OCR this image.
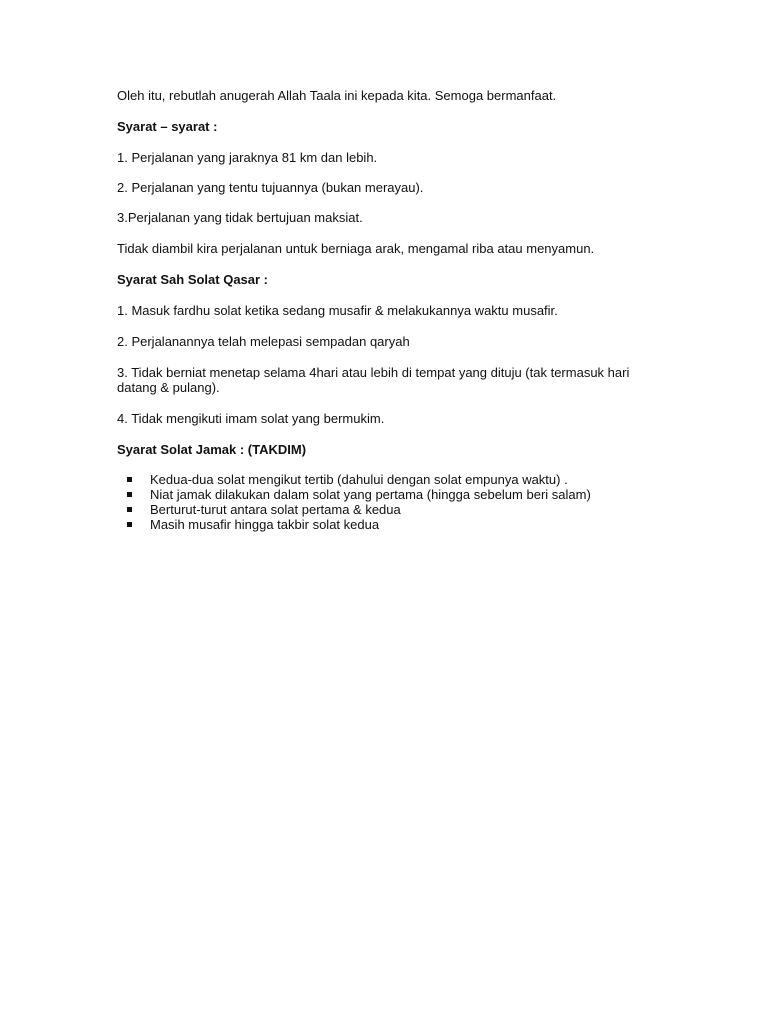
Oleh itu, rebutlah anugerah Allah Taala ini kepada kita. Semoga bermanfaat.
Syarat – syarat :
1. Perjalanan yang jaraknya 81 km dan lebih.
2. Perjalanan yang tentu tujuannya (bukan merayau).
3.Perjalanan yang tidak bertujuan maksiat.
Tidak diambil kira perjalanan untuk berniaga arak, mengamal riba atau menyamun.
Syarat Sah Solat Qasar :
1. Masuk fardhu solat ketika sedang musafir & melakukannya waktu musafir.
2. Perjalanannya telah melepasi sempadan qaryah
3. Tidak berniat menetap selama 4hari atau lebih di tempat yang dituju (tak termasuk hari datang & pulang).
4. Tidak mengikuti imam solat yang bermukim.
Syarat Solat Jamak : (TAKDIM)
Kedua-dua solat mengikut tertib (dahului dengan solat empunya waktu) .
Niat jamak dilakukan dalam solat yang pertama (hingga sebelum beri salam)
Berturut-turut antara solat pertama & kedua
Masih musafir hingga takbir solat kedua
